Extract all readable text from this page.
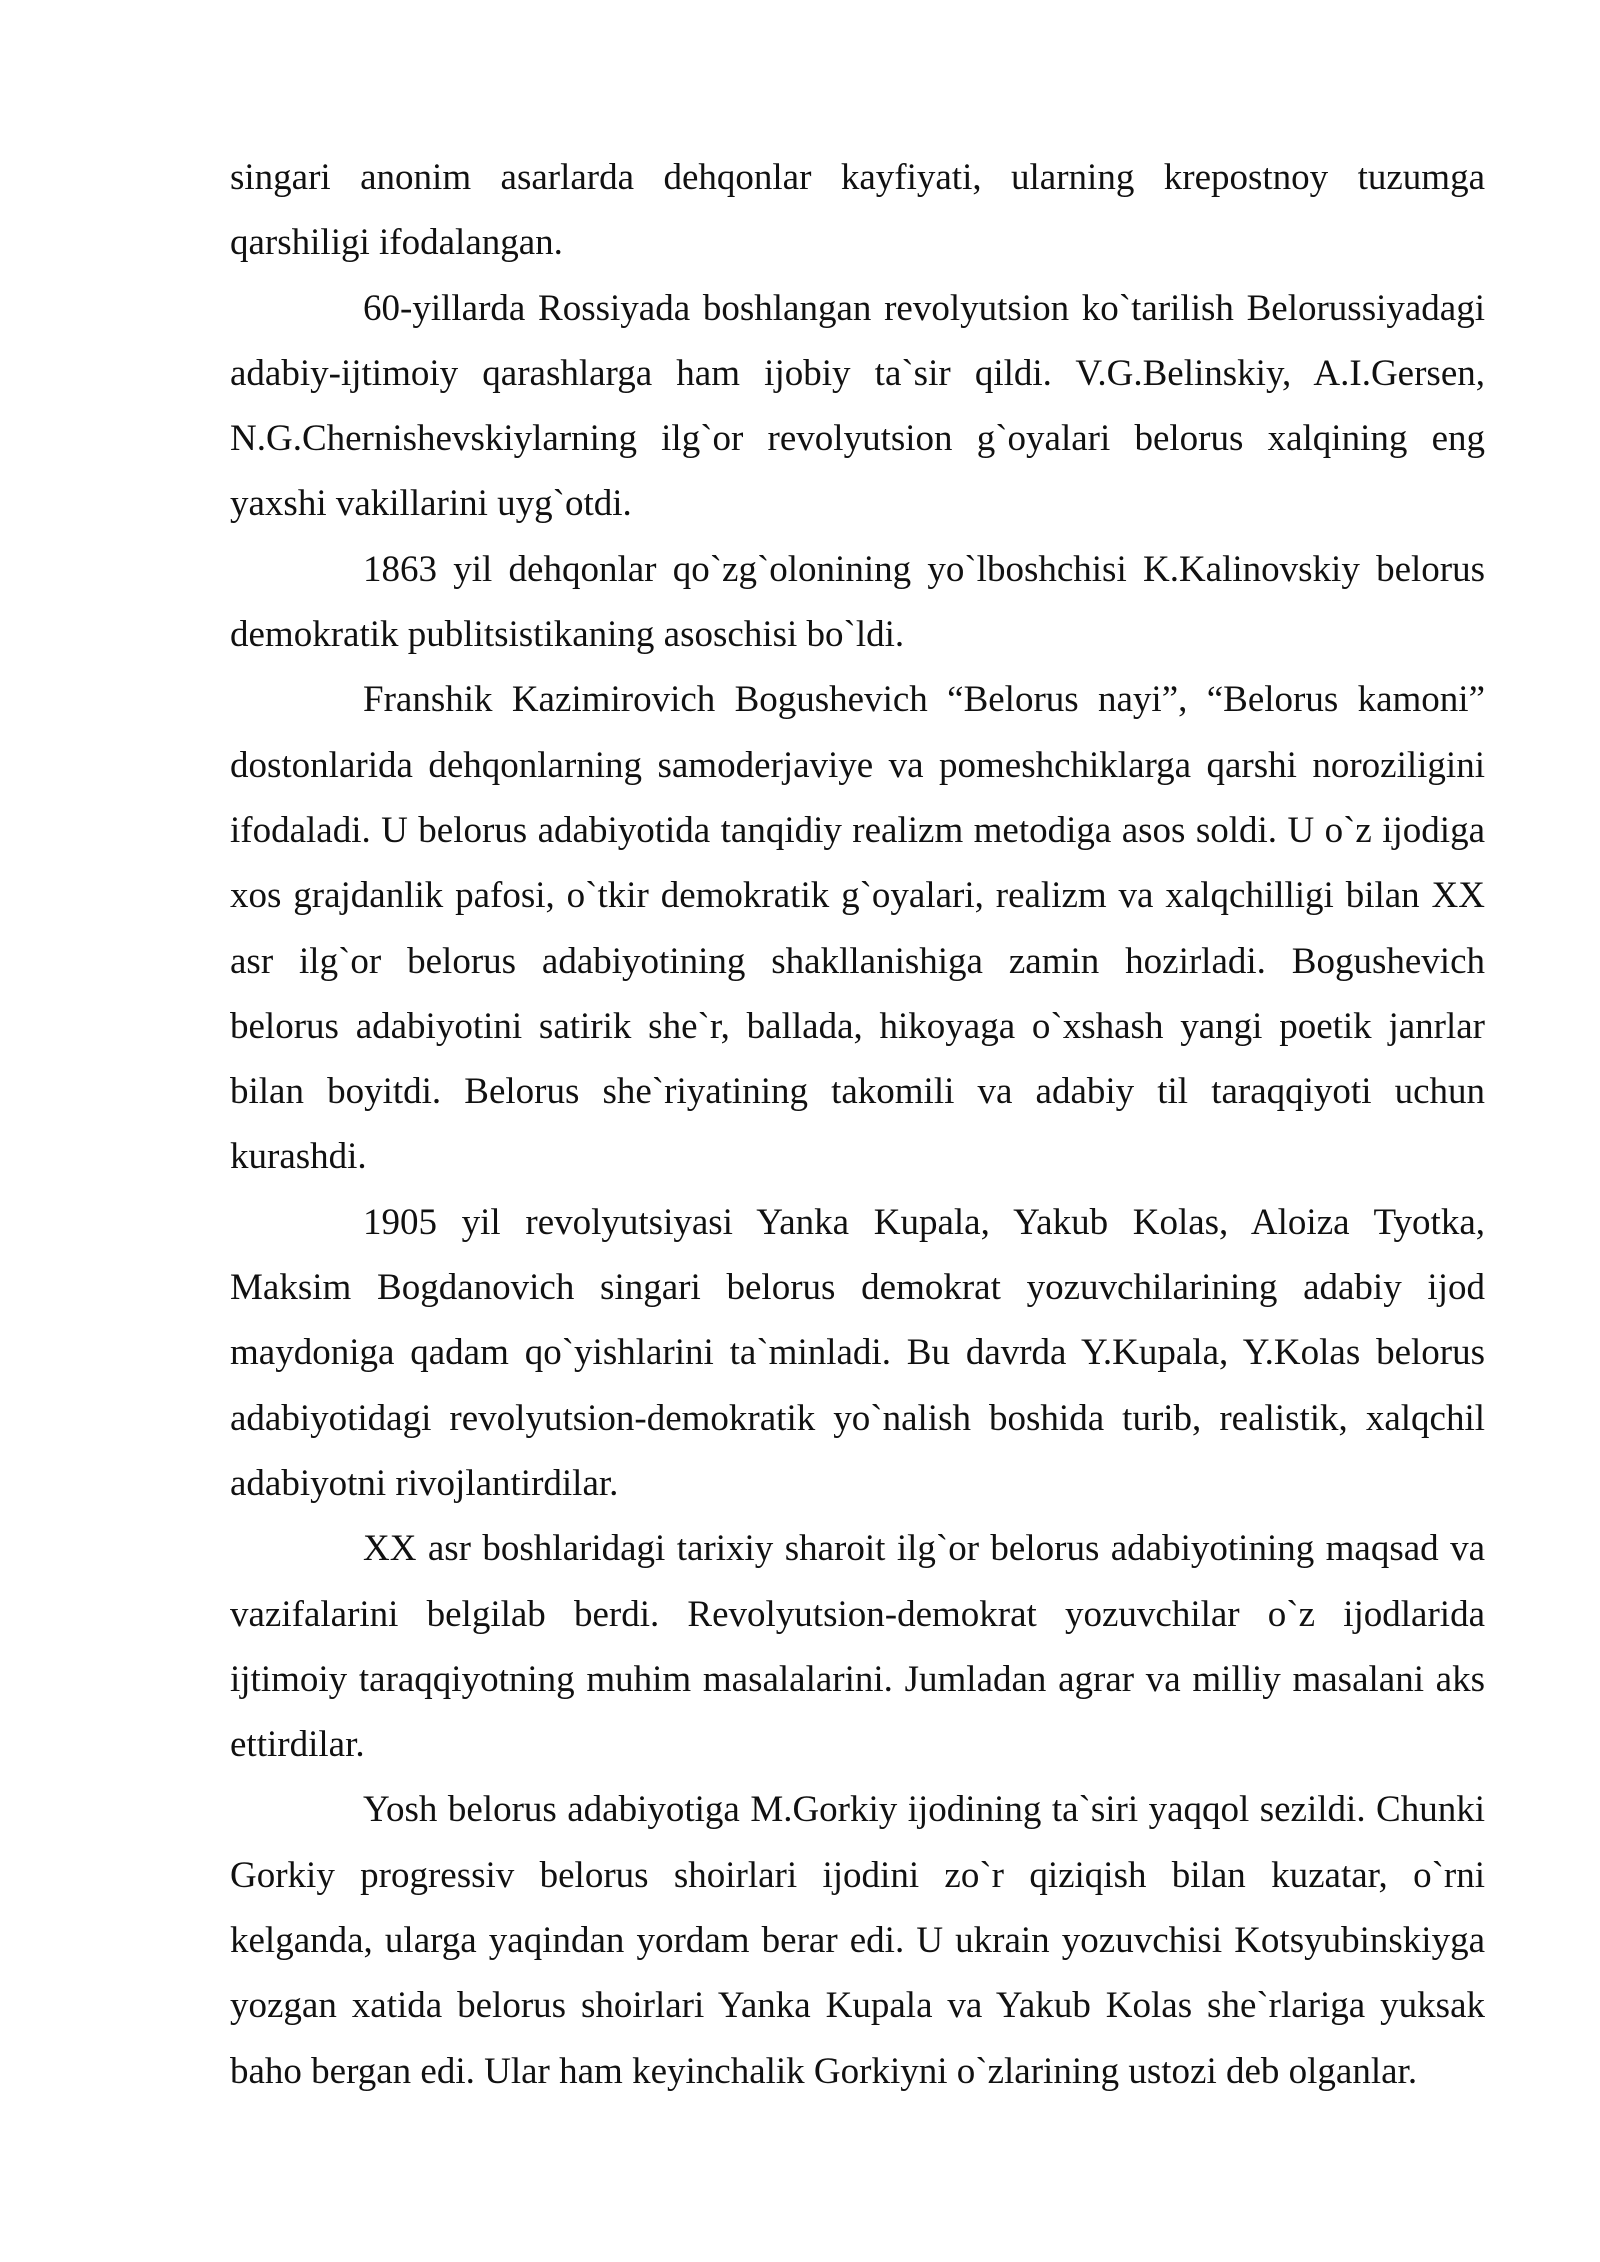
singari anonim asarlarda dehqonlar kayfiyati, ularning krepostnoy tuzumga qarshiligi ifodalangan.

60-yillarda Rossiyada boshlangan revolyutsion ko`tarilish Belorussiyadagi adabiy-ijtimoiy qarashlarga ham ijobiy ta`sir qildi. V.G.Belinskiy, A.I.Gersen, N.G.Chernishevskiylarning ilg`or revolyutsion g`oyalari belorus xalqining eng yaxshi vakillarini uyg`otdi.

1863 yil dehqonlar qo`zg`olonining yo`lboshchisi K.Kalinovskiy belorus demokratik publitsistikaning asoschisi bo`ldi.

Franshik Kazimirovich Bogushevich “Belorus nayi”, “Belorus kamoni” dostonlarida dehqonlarning samoderjaviye va pomeshchiklarga qarshi noroziligini ifodaladi. U belorus adabiyotida tanqidiy realizm metodiga asos soldi. U o`z ijodiga xos grajdanlik pafosi, o`tkir demokratik g`oyalari, realizm va xalqchilligi bilan XX asr ilg`or belorus adabiyotining shakllanishiga zamin hozirladi. Bogushevich belorus adabiyotini satirik she`r, ballada, hikoyaga o`xshash yangi poetik janrlar bilan boyitdi. Belorus she`riyatining takomili va adabiy til taraqqiyoti uchun kurashdi.

1905 yil revolyutsiyasi Yanka Kupala, Yakub Kolas, Aloiza Tyotka, Maksim Bogdanovich singari belorus demokrat yozuvchilarining adabiy ijod maydoniga qadam qo`yishlarini ta`minladi. Bu davrda Y.Kupala, Y.Kolas belorus adabiyotidagi revolyutsion-demokratik yo`nalish boshida turib, realistik, xalqchil adabiyotni rivojlantirdilar.

XX asr boshlaridagi tarixiy sharoit ilg`or belorus adabiyotining maqsad va vazifalarini belgilab berdi. Revolyutsion-demokrat yozuvchilar o`z ijodlarida ijtimoiy taraqqiyotning muhim masalalarini. Jumladan agrar va milliy masalani aks ettirdilar.

Yosh belorus adabiyotiga M.Gorkiy ijodining ta`siri yaqqol sezildi. Chunki Gorkiy progressiv belorus shoirlari ijodini zo`r qiziqish bilan kuzatar, o`rni kelganda, ularga yaqindan yordam berar edi. U ukrain yozuvchisi Kotsyubinskiyga yozgan xatida belorus shoirlari Yanka Kupala va Yakub Kolas she`rlariga yuksak baho bergan edi. Ular ham keyinchalik Gorkiyni o`zlarining ustozi deb olganlar.
